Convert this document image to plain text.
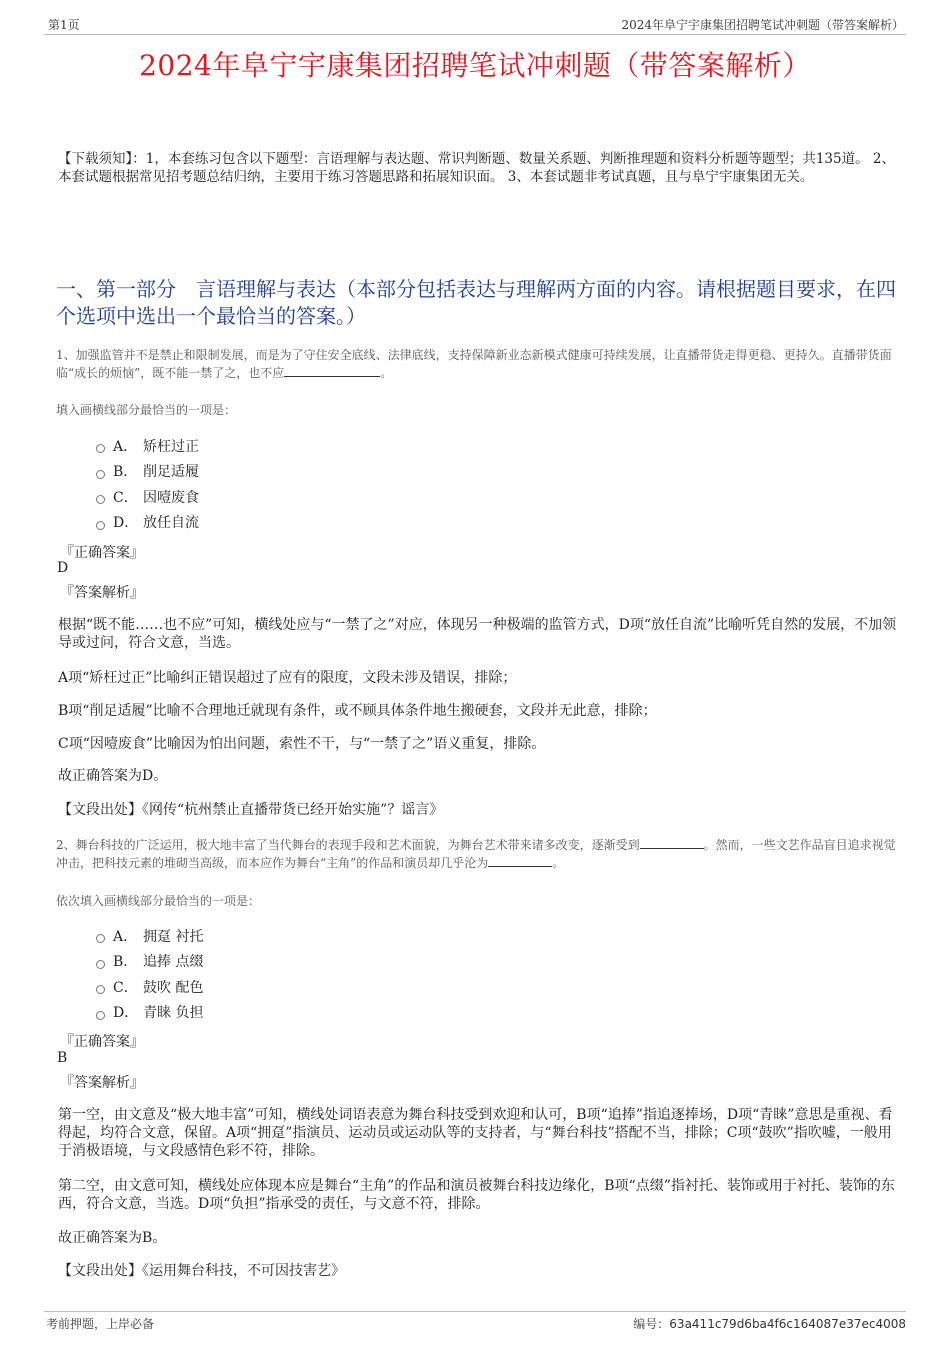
第1页	2024年阜宁宇康集团招聘笔试冲刺题（带答案解析）
2024年阜宁宇康集团招聘笔试冲刺题（带答案解析）
【下载须知】：1，本套练习包含以下题型：言语理解与表达题、常识判断题、数量关系题、判断推理题和资料分析题等题型；共135道。 2、本套试题根据常见招考题总结归纳，主要用于练习答题思路和拓展知识面。 3、本套试题非考试真题，且与阜宁宇康集团无关。
一、第一部分　言语理解与表达（本部分包括表达与理解两方面的内容。请根据题目要求，在四个选项中选出一个最恰当的答案。）
1、加强监管并不是禁止和限制发展，而是为了守住安全底线、法律底线，支持保障新业态新模式健康可持续发展，让直播带货走得更稳、更持久。直播带货面临“成长的烦恼”，既不能一禁了之，也不应	。
填入画横线部分最恰当的一项是：
A． 矫枉过正
B． 削足适履
C． 因噎废食
D． 放任自流
『正确答案』
D
『答案解析』
根据“既不能……也不应”可知，横线处应与“一禁了之”对应，体现另一种极端的监管方式，D项“放任自流”比喻听凭自然的发展，不加领导或过问，符合文意，当选。
A项“矫枉过正”比喻纠正错误超过了应有的限度，文段未涉及错误，排除；
B项“削足适履”比喻不合理地迁就现有条件，或不顾具体条件地生搬硬套，文段并无此意，排除；
C项“因噎废食”比喻因为怕出问题，索性不干，与“一禁了之”语义重复，排除。
故正确答案为D。
【文段出处】《网传“杭州禁止直播带货已经开始实施”？谣言》
2、舞台科技的广泛运用，极大地丰富了当代舞台的表现手段和艺术面貌，为舞台艺术带来诸多改变，逐渐受到	。然而，一些文艺作品盲目追求视觉冲击，把科技元素的堆砌当高级，而本应作为舞台“主角”的作品和演员却几乎沦为	。
依次填入画横线部分最恰当的一项是：
A． 拥趸 衬托
B． 追捧 点缀
C． 鼓吹 配色
D． 青睐 负担
『正确答案』
B
『答案解析』
第一空，由文意及“极大地丰富”可知，横线处词语表意为舞台科技受到欢迎和认可，B项“追捧”指追逐捧场，D项“青睐”意思是重视、看得起，均符合文意，保留。A项“拥趸”指演员、运动员或运动队等的支持者，与“舞台科技”搭配不当，排除；C项“鼓吹”指吹嘘，一般用于消极语境，与文段感情色彩不符，排除。
第二空，由文意可知，横线处应体现本应是舞台“主角”的作品和演员被舞台科技边缘化，B项“点缀”指衬托、装饰或用于衬托、装饰的东西，符合文意，当选。D项“负担”指承受的责任，与文意不符，排除。
故正确答案为B。
【文段出处】《运用舞台科技，不可因技害艺》
考前押题，上岸必备	编号：63a411c79d6ba4f6c164087e37ec4008
